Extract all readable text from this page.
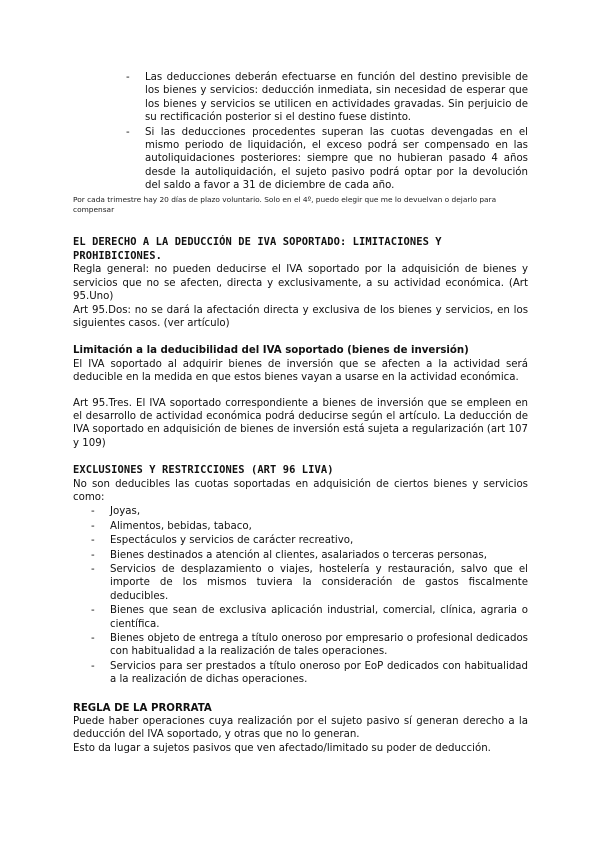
- Las deducciones deberán efectuarse en función del destino previsible de los bienes y servicios: deducción inmediata, sin necesidad de esperar que los bienes y servicios se utilicen en actividades gravadas. Sin perjuicio de su rectificación posterior si el destino fuese distinto.
- Si las deducciones procedentes superan las cuotas devengadas en el mismo periodo de liquidación, el exceso podrá ser compensado en las autoliquidaciones posteriores: siempre que no hubieran pasado 4 años desde la autoliquidación, el sujeto pasivo podrá optar por la devolución del saldo a favor a 31 de diciembre de cada año.

Por cada trimestre hay 20 días de plazo voluntario. Solo en el 4º, puedo elegir que me lo devuelvan o dejarlo para compensar

EL DERECHO A LA DEDUCCIÓN DE IVA SOPORTADO: LIMITACIONES Y PROHIBICIONES.

Regla general: no pueden deducirse el IVA soportado por la adquisición de bienes y servicios que no se afecten, directa y exclusivamente, a su actividad económica. (Art 95.Uno)

Art 95.Dos: no se dará la afectación directa y exclusiva de los bienes y servicios, en los siguientes casos. (ver artículo)

Limitación a la deducibilidad del IVA soportado (bienes de inversión)

El IVA soportado al adquirir bienes de inversión que se afecten a la actividad será deducible en la medida en que estos bienes vayan a usarse en la actividad económica.

Art 95.Tres. El IVA soportado correspondiente a bienes de inversión que se empleen en el desarrollo de actividad económica podrá deducirse según el artículo. La deducción de IVA soportado en adquisición de bienes de inversión está sujeta a regularización (art 107 y 109)

EXCLUSIONES Y RESTRICCIONES (ART 96 LIVA)

No son deducibles las cuotas soportadas en adquisición de ciertos bienes y servicios como:

- Joyas,
- Alimentos, bebidas, tabaco,
- Espectáculos y servicios de carácter recreativo,
- Bienes destinados a atención al clientes, asalariados o terceras personas,
- Servicios de desplazamiento o viajes, hostelería y restauración, salvo que el importe de los mismos tuviera la consideración de gastos fiscalmente deducibles.
- Bienes que sean de exclusiva aplicación industrial, comercial, clínica, agraria o científica.
- Bienes objeto de entrega a título oneroso por empresario o profesional dedicados con habitualidad a la realización de tales operaciones.
- Servicios para ser prestados a título oneroso por EoP dedicados con habitualidad a la realización de dichas operaciones.

REGLA DE LA PRORRATA

Puede haber operaciones cuya realización por el sujeto pasivo sí generan derecho a la deducción del IVA soportado, y otras que no lo generan.

Esto da lugar a sujetos pasivos que ven afectado/limitado su poder de deducción.
